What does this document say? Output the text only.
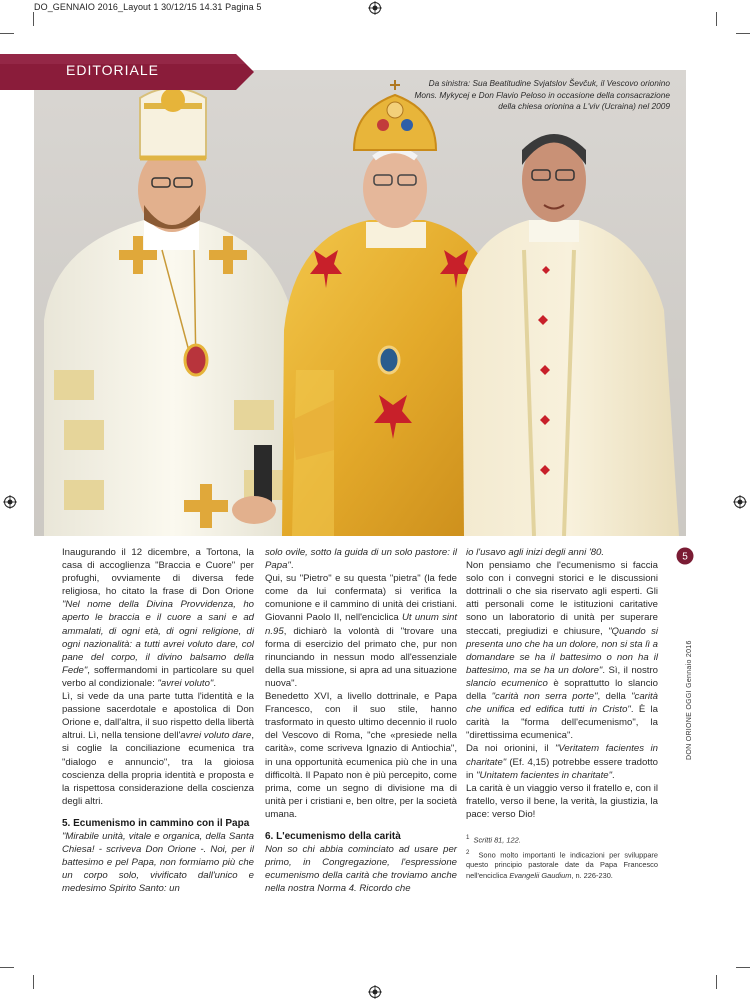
DO_GENNAIO 2016_Layout 1 30/12/15 14.31 Pagina 5
Da sinistra: Sua Beatitudine Svjatslov Ševčuk, il Vescovo orionino
Mons. Mykycej e Don Flavio Peloso in occasione della consacrazione
della chiesa orionina a L'viv (Ucraina) nel 2009
EDITORIALE

Inaugurando il 12 dicembre, a Tortona, la casa di accoglienza "Braccia e Cuore" per profughi, ovviamente di diversa fede religiosa, ho citato la frase di Don Orione "Nel nome della Divina Provvidenza, ho aperto le braccia e il cuore a sani e ad ammalati, di ogni età, di ogni religione, di ogni nazionalità: a tutti avrei voluto dare, col pane del corpo, il divino balsamo della Fede", soffermandomi in particolare su quel verbo al condizionale: "avrei voluto".

Lì, si vede da una parte tutta l'identità e la passione sacerdotale e apostolica di Don Orione e, dall'altra, il suo rispetto della libertà altrui. Lì, nella tensione dell'avrei voluto dare, si coglie la conciliazione ecumenica tra "dialogo e annuncio", tra la gioiosa coscienza della propria identità e proposta e la rispettosa considerazione della coscienza degli altri.

5. Ecumenismo in cammino con il Papa

"Mirabile unità, vitale e organica, della Santa Chiesa! - scriveva Don Orione -. Noi, per il battesimo e pel Papa, non formiamo più che un corpo solo, vivificato dall'unico e medesimo Spirito Santo: un

solo ovile, sotto la guida di un solo pastore: il Papa".

Qui, su "Pietro" e su questa "pietra" (la fede come da lui confermata) si verifica la comunione e il cammino di unità dei cristiani. Giovanni Paolo II, nell'enciclica Ut unum sint n.95, dichiarò la volontà di "trovare una forma di esercizio del primato che, pur non rinunciando in nessun modo all'essenziale della sua missione, si apra ad una situazione nuova".

Benedetto XVI, a livello dottrinale, e Papa Francesco, con il suo stile, hanno trasformato in questo ultimo decennio il ruolo del Vescovo di Roma, "che «presiede nella carità», come scriveva Ignazio di Antiochia", in una opportunità ecumenica più che in una difficoltà. Il Papato non è più percepito, come prima, come un segno di divisione ma di unità per i cristiani e, ben oltre, per la società umana.

6. L'ecumenismo della carità

Non so chi abbia cominciato ad usare per primo, in Congregazione, l'espressione ecumenismo della carità che troviamo anche nella nostra Norma 4. Ricordo che

io l'usavo agli inizi degli anni '80.

Non pensiamo che l'ecumenismo si faccia solo con i convegni storici e le discussioni dottrinali o che sia riservato agli esperti. Gli atti personali come le istituzioni caritative sono un laboratorio di unità per superare steccati, pregiudizi e chiusure, "Quando si presenta uno che ha un dolore, non si sta lì a domandare se ha il battesimo o non ha il battesimo, ma se ha un dolore". Sì, il nostro slancio ecumenico è soprattutto lo slancio della "carità non serra porte", della "carità che unifica ed edifica tutti in Cristo". È la carità la "forma dell'ecumenismo", la "direttissima ecumenica".

Da noi orionini, il "Veritatem facientes in charitate" (Ef. 4,15) potrebbe essere tradotto in "Unitatem facientes in charitate".

La carità è un viaggio verso il fratello e, con il fratello, verso il bene, la verità, la giustizia, la pace: verso Dio!

$^1$ Scritti 81, 122.

$^2$ Sono molto importanti le indicazioni per sviluppare questo principio pastorale date da Papa Francesco nell'enciclica Evangelii Gaudium, n. 226-230.

5
DON ORIONE OGGI Gennaio 2016
